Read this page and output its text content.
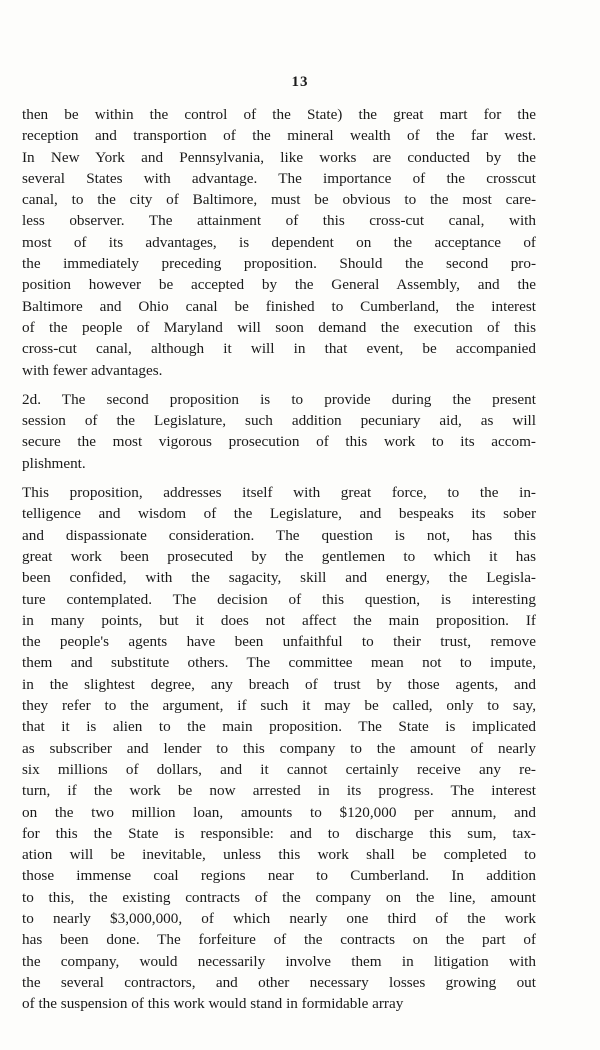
13
then be within the control of the State) the great mart for the
reception and transportion of the mineral wealth of the far west.
In New York and Pennsylvania, like works are conducted by the
several States with advantage. The importance of the crosscut
canal, to the city of Baltimore, must be obvious to the most care-
less observer. The attainment of this cross-cut canal, with
most of its advantages, is dependent on the acceptance of
the immediately preceding proposition. Should the second pro-
position however be accepted by the General Assembly, and the
Baltimore and Ohio canal be finished to Cumberland, the interest
of the people of Maryland will soon demand the execution of this
cross-cut canal, although it will in that event, be accompanied
with fewer advantages.
2d. The second proposition is to provide during the present
session of the Legislature, such addition pecuniary aid, as will
secure the most vigorous prosecution of this work to its accom-
plishment.
This proposition, addresses itself with great force, to the in-
telligence and wisdom of the Legislature, and bespeaks its sober
and dispassionate consideration. The question is not, has this
great work been prosecuted by the gentlemen to which it has
been confided, with the sagacity, skill and energy, the Legisla-
ture contemplated. The decision of this question, is interesting
in many points, but it does not affect the main proposition. If
the people's agents have been unfaithful to their trust, remove
them and substitute others. The committee mean not to impute,
in the slightest degree, any breach of trust by those agents, and
they refer to the argument, if such it may be called, only to say,
that it is alien to the main proposition. The State is implicated
as subscriber and lender to this company to the amount of nearly
six millions of dollars, and it cannot certainly receive any re-
turn, if the work be now arrested in its progress. The interest
on the two million loan, amounts to $120,000 per annum, and
for this the State is responsible: and to discharge this sum, tax-
ation will be inevitable, unless this work shall be completed to
those immense coal regions near to Cumberland. In addition
to this, the existing contracts of the company on the line, amount
to nearly $3,000,000, of which nearly one third of the work
has been done. The forfeiture of the contracts on the part of
the company, would necessarily involve them in litigation with
the several contractors, and other necessary losses growing out
of the suspension of this work would stand in formidable array
